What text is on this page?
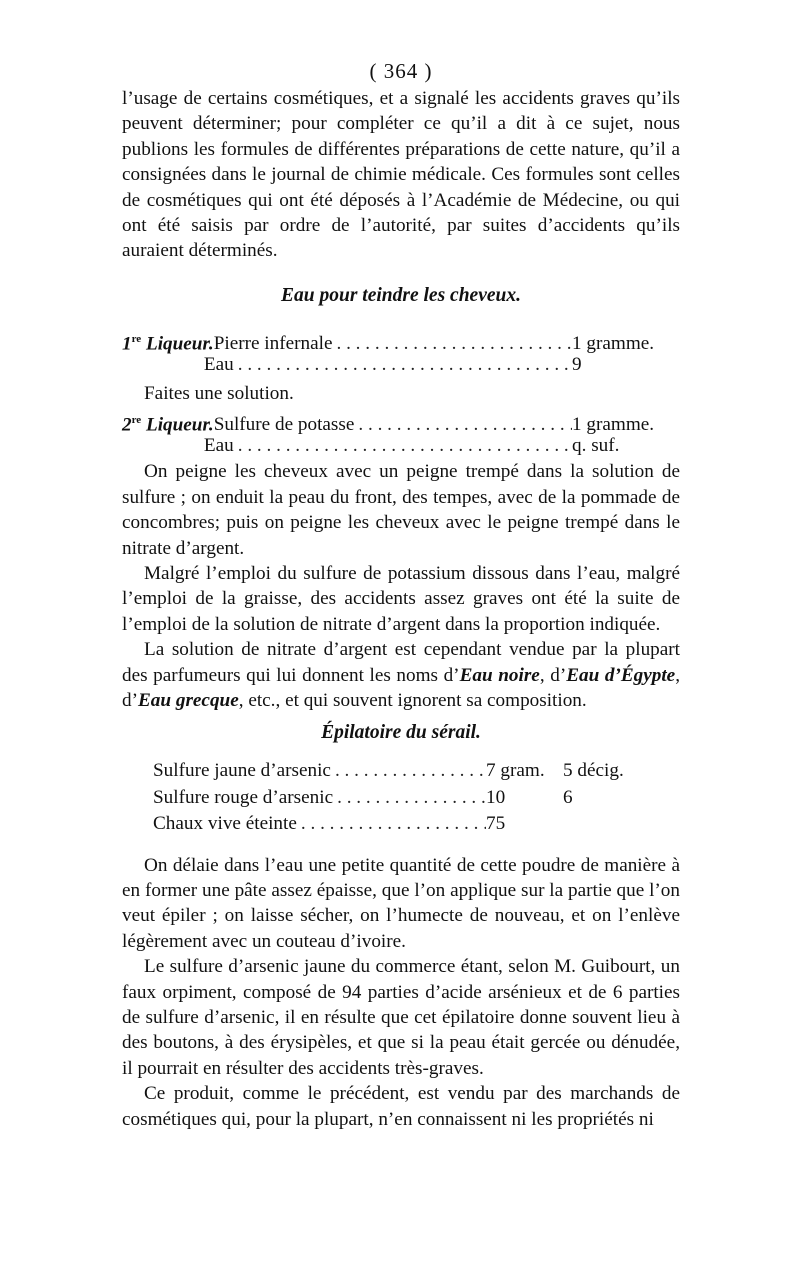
( 364 )

l’usage de certains cosmétiques, et a signalé les accidents graves qu’ils peuvent déterminer; pour compléter ce qu’il a dit à ce sujet, nous publions les formules de différentes préparations de cette nature, qu’il a consignées dans le journal de chimie médicale. Ces formules sont celles de cosmétiques qui ont été déposés à l’Académie de Médecine, ou qui ont été saisis par ordre de l’autorité, par suites d’accidents qu’ils auraient déterminés.

Eau pour teindre les cheveux.
1re Liqueur. Pierre infernale . . .	1 gramme.
Eau . . .	9
Faites une solution.
2re Liqueur. Sulfure de potasse . . .	1 gramme.
Eau . . .	q. suf.

On peigne les cheveux avec un peigne trempé dans la solution de sulfure ; on enduit la peau du front, des tempes, avec de la pommade de concombres; puis on peigne les cheveux avec le peigne trempé dans le nitrate d’argent.

Malgré l’emploi du sulfure de potassium dissous dans l’eau, malgré l’emploi de la graisse, des accidents assez graves ont été la suite de l’emploi de la solution de nitrate d’argent dans la proportion indiquée.

La solution de nitrate d’argent est cependant vendue par la plupart des parfumeurs qui lui donnent les noms d’Eau noire, d’Eau d’Égypte, d’Eau grecque, etc., et qui souvent ignorent sa composition.

Épilatoire du sérail.
Sulfure jaune d’arsenic . . .	7 gram. 5 décig.
Sulfure rouge d’arsenic . . .	10	6
Chaux vive éteinte . . .	75

On délaie dans l’eau une petite quantité de cette poudre de manière à en former une pâte assez épaisse, que l’on applique sur la partie que l’on veut épiler ; on laisse sécher, on l’humecte de nouveau, et on l’enlève légèrement avec un couteau d’ivoire.

Le sulfure d’arsenic jaune du commerce étant, selon M. Guibourt, un faux orpiment, composé de 94 parties d’acide arsénieux et de 6 parties de sulfure d’arsenic, il en résulte que cet épilatoire donne souvent lieu à des boutons, à des érysipèles, et que si la peau était gercée ou dénudée, il pourrait en résulter des accidents très-graves.

Ce produit, comme le précédent, est vendu par des marchands de cosmétiques qui, pour la plupart, n’en connaissent ni les propriétés ni
